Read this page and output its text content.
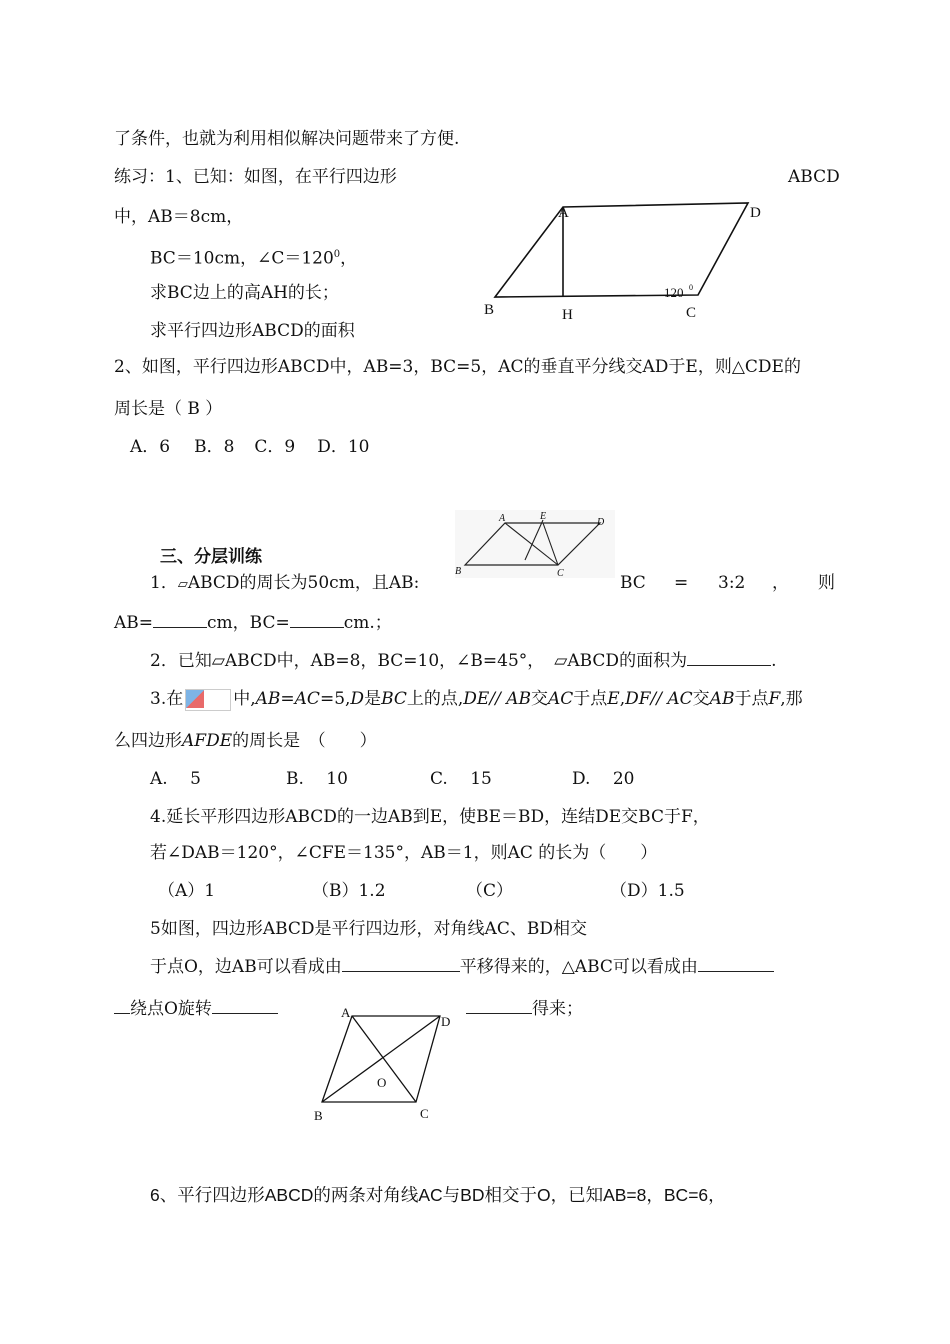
了条件，也就为利用相似解决问题带来了方便.
练习：1、已知：如图，在平行四边形	ABCD
中，AB＝8cm，
BC＝10cm，$\angle C=120^0$，
求BC边上的高AH的长；
求平行四边形ABCD的面积
A	D
B	H	C
120 0
2、如图，平行四边形ABCD中，AB=3，BC=5，AC的垂直平分线交AD于E，则△CDE的
周长是（ B ）
A．6 B．8 C．9 D．10
A	E
D
B	C
三、分层训练
1．▱ABCD的周长为50cm，且AB:	BC = 3:2 ， 则
AB=	cm，BC=	cm.；
2．已知▱ABCD中，AB=8，BC=10，∠B=45°， ▱ABCD的面积为	.
3.在	中,AB=AC=5,D是BC上的点,DE// AB交AC于点E,DF// AC交AB于点F,那
么四边形AFDE的周长是　（　　）
A.　 5	B.　 10	C.　 15	D.　 20
4.延长平形四边形ABCD的一边AB到E，使BE＝BD，连结DE交BC于F，
若∠DAB＝120°，∠CFE＝135°，AB＝1，则AC 的长为（　　）
（A）1	（B）1.2	（C）	（D）1.5
5如图，四边形ABCD是平行四边形，对角线AC、BD相交
于点O，边AB可以看成由	平移得来的，△ABC可以看成由
绕点O旋转	得来；
A
D
B	C
O
6、平行四边形ABCD的两条对角线AC与BD相交于O，已知AB=8，BC=6，
